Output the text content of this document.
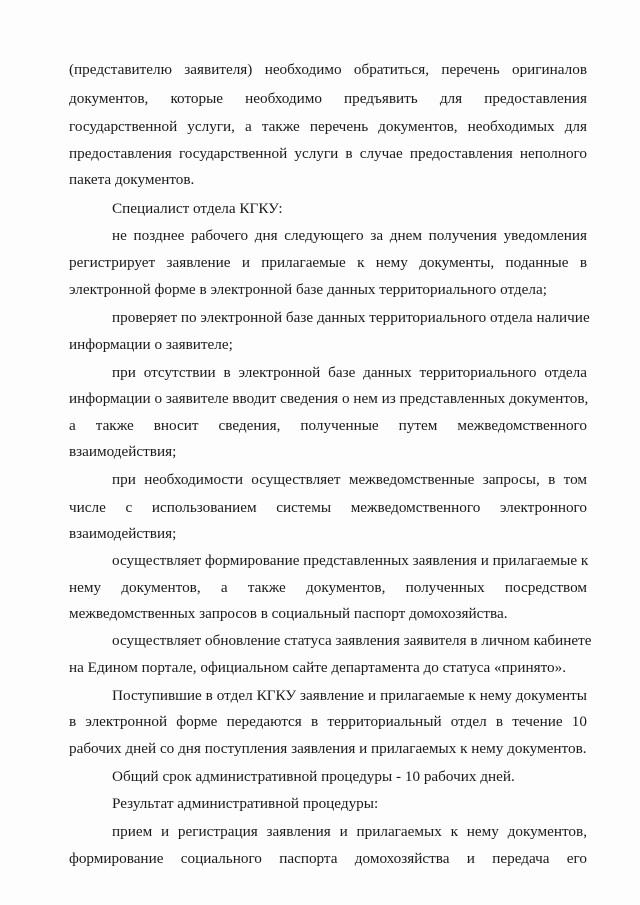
(представителю заявителя) необходимо обратиться, перечень оригиналов
документов, которые необходимо предъявить для предоставления
государственной услуги, а также перечень документов, необходимых для
предоставления государственной услуги в случае предоставления неполного
пакета документов.
Специалист отдела КГКУ:
не позднее рабочего дня следующего за днем получения уведомления
регистрирует заявление и прилагаемые к нему документы, поданные в
электронной форме в электронной базе данных территориального отдела;
проверяет по электронной базе данных территориального отдела наличие
информации о заявителе;
при отсутствии в электронной базе данных территориального отдела
информации о заявителе вводит сведения о нем из представленных документов,
а также вносит сведения, полученные путем межведомственного
взаимодействия;
при необходимости осуществляет межведомственные запросы, в том
числе с использованием системы межведомственного электронного
взаимодействия;
осуществляет формирование представленных заявления и прилагаемые к
нему документов, а также документов, полученных посредством
межведомственных запросов в социальный паспорт домохозяйства.
осуществляет обновление статуса заявления заявителя в личном кабинете
на Едином портале, официальном сайте департамента до статуса «принято».
Поступившие в отдел КГКУ заявление и прилагаемые к нему документы
в электронной форме передаются в территориальный отдел в течение 10
рабочих дней со дня поступления заявления и прилагаемых к нему документов.
Общий срок административной процедуры - 10 рабочих дней.
Результат административной процедуры:
прием и регистрация заявления и прилагаемых к нему документов,
формирование социального паспорта домохозяйства и передача его
